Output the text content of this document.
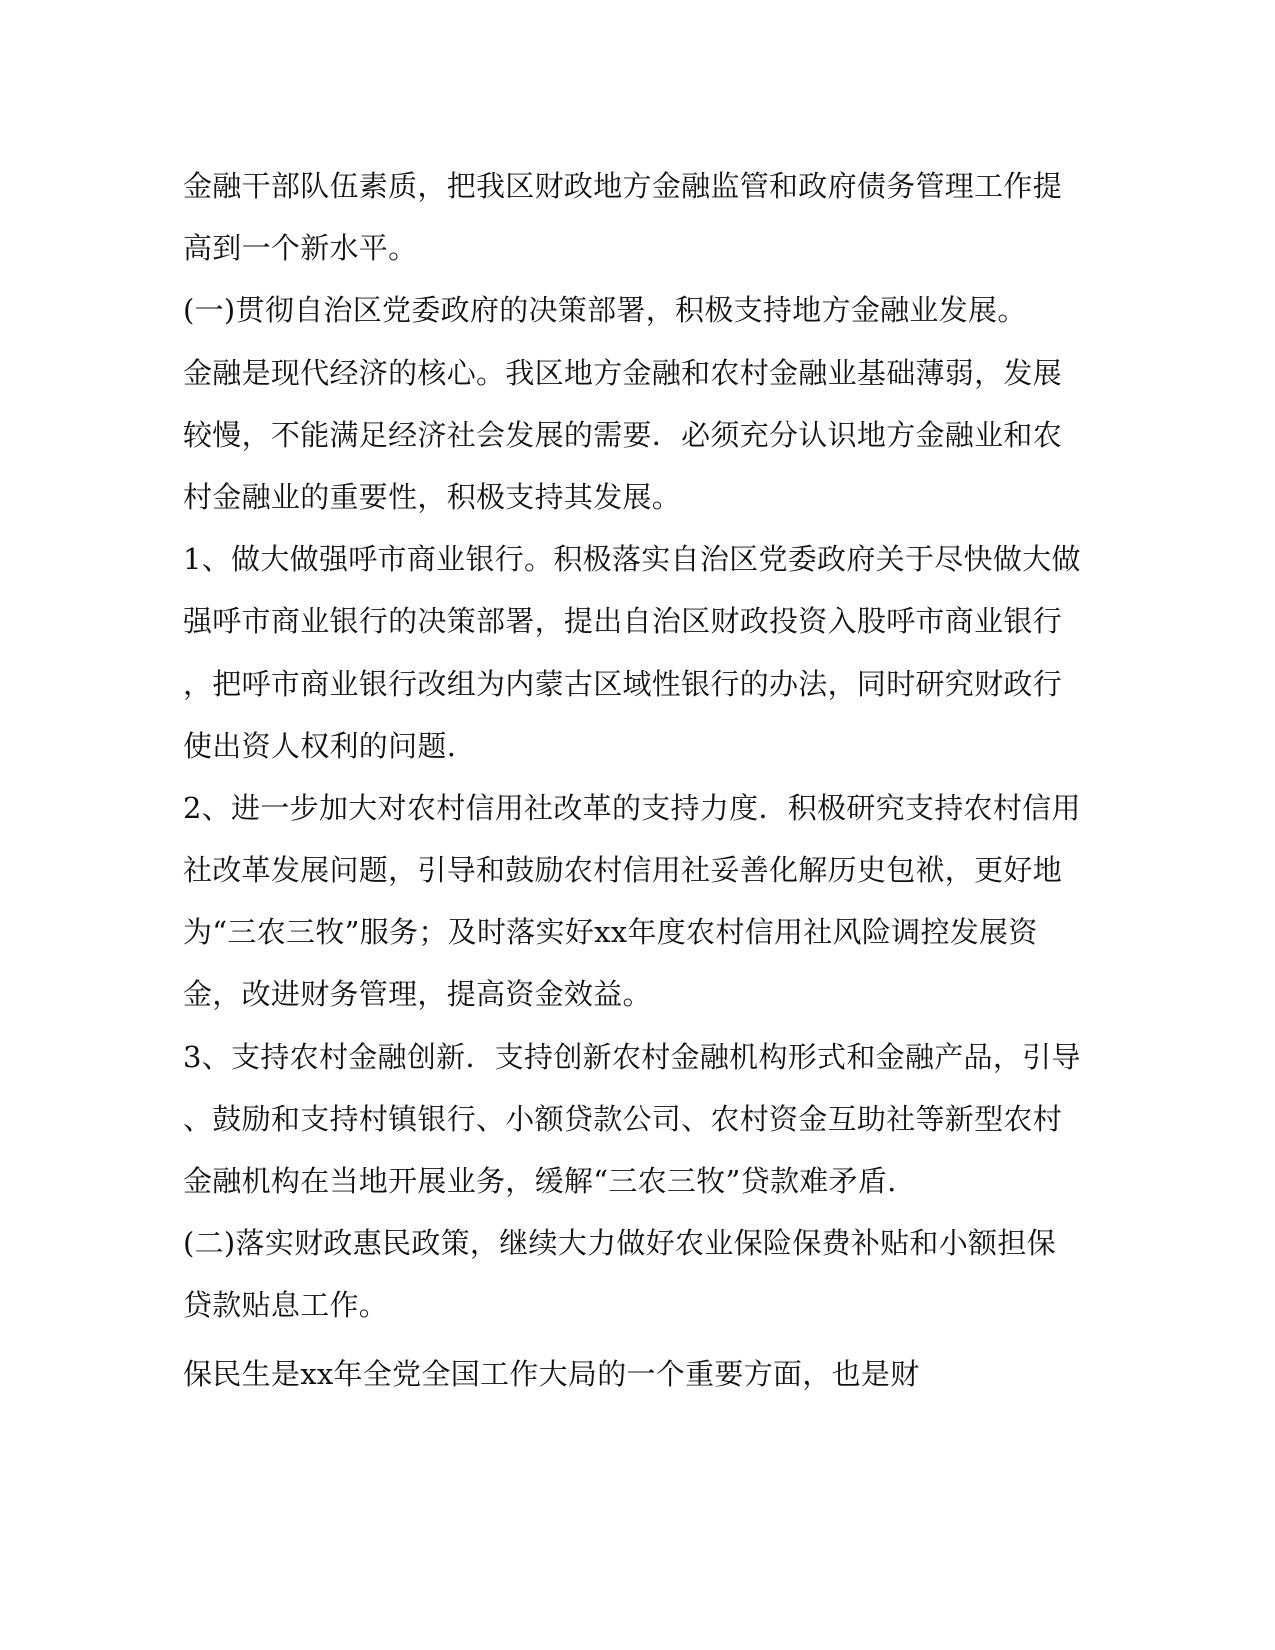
金融干部队伍素质，把我区财政地方金融监管和政府债务管理工作提
高到一个新水平。
(一)贯彻自治区党委政府的决策部署，积极支持地方金融业发展。
金融是现代经济的核心。我区地方金融和农村金融业基础薄弱，发展
较慢，不能满足经济社会发展的需要．必须充分认识地方金融业和农
村金融业的重要性，积极支持其发展。
1、做大做强呼市商业银行。积极落实自治区党委政府关于尽快做大做
强呼市商业银行的决策部署，提出自治区财政投资入股呼市商业银行
，把呼市商业银行改组为内蒙古区域性银行的办法，同时研究财政行
使出资人权利的问题.
2、进一步加大对农村信用社改革的支持力度．积极研究支持农村信用
社改革发展问题，引导和鼓励农村信用社妥善化解历史包袱，更好地
为“三农三牧”服务；及时落实好xx年度农村信用社风险调控发展资
金，改进财务管理，提高资金效益。
3、支持农村金融创新．支持创新农村金融机构形式和金融产品，引导
、鼓励和支持村镇银行、小额贷款公司、农村资金互助社等新型农村
金融机构在当地开展业务，缓解“三农三牧”贷款难矛盾.
(二)落实财政惠民政策，继续大力做好农业保险保费补贴和小额担保
贷款贴息工作。
保民生是xx年全党全国工作大局的一个重要方面，也是财
